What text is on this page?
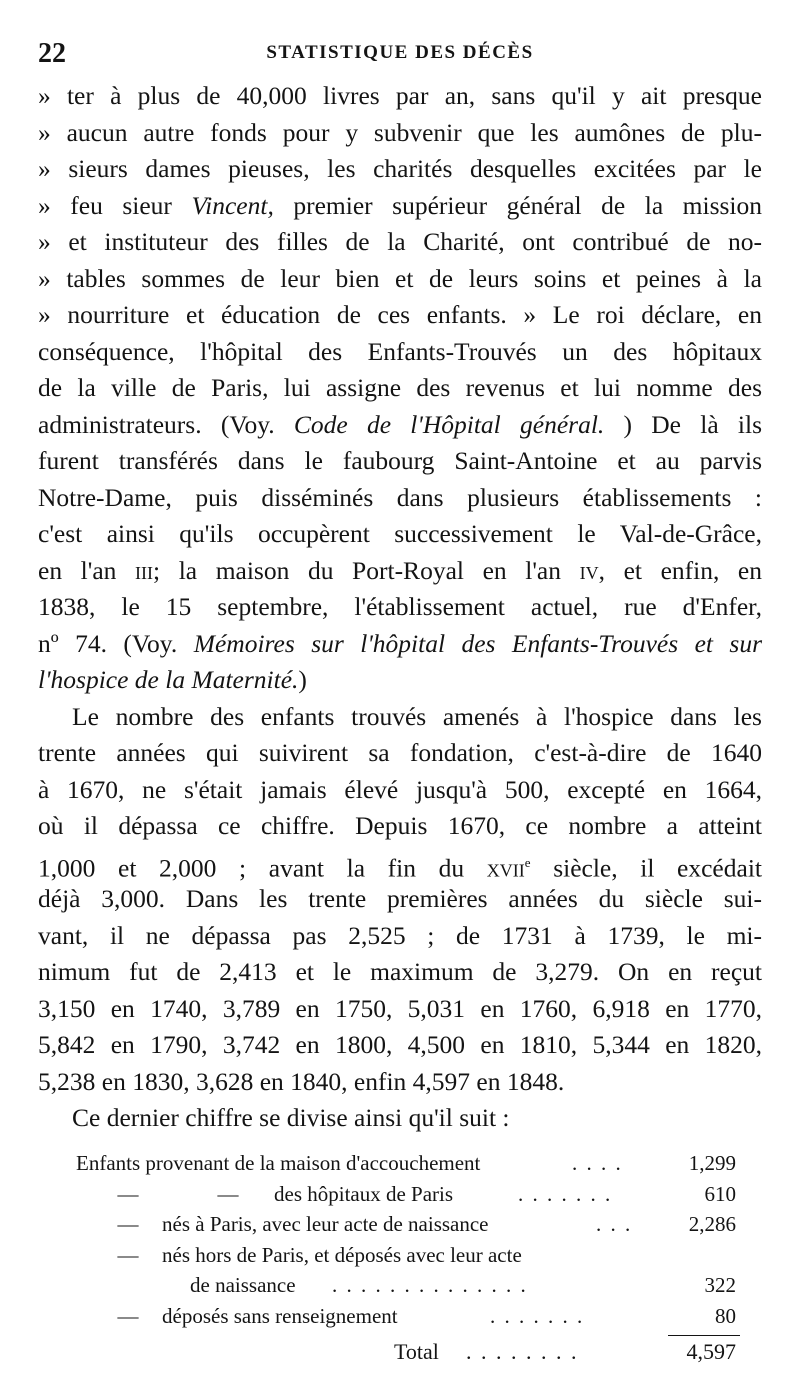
22	STATISTIQUE DES DÉCÈS
» ter à plus de 40,000 livres par an, sans qu'il y ait presque
» aucun autre fonds pour y subvenir que les aumônes de plu-
» sieurs dames pieuses, les charités desquelles excitées par le
» feu sieur Vincent, premier supérieur général de la mission
» et instituteur des filles de la Charité, ont contribué de no-
» tables sommes de leur bien et de leurs soins et peines à la
» nourriture et éducation de ces enfants. » Le roi déclare, en
conséquence, l'hôpital des Enfants-Trouvés un des hôpitaux
de la ville de Paris, lui assigne des revenus et lui nomme des
administrateurs. (Voy. Code de l'Hôpital général. ) De là ils
furent transférés dans le faubourg Saint-Antoine et au parvis
Notre-Dame, puis disséminés dans plusieurs établissements :
c'est ainsi qu'ils occupèrent successivement le Val-de-Grâce,
en l'an III; la maison du Port-Royal en l'an IV, et enfin, en
1838, le 15 septembre, l'établissement actuel, rue d'Enfer,
nº 74. (Voy. Mémoires sur l'hôpital des Enfants-Trouvés et sur
l'hospice de la Maternité.)
Le nombre des enfants trouvés amenés à l'hospice dans les
trente années qui suivirent sa fondation, c'est-à-dire de 1640
à 1670, ne s'était jamais élevé jusqu'à 500, excepté en 1664,
où il dépassa ce chiffre. Depuis 1670, ce nombre a atteint
1,000 et 2,000 ; avant la fin du XVIIe siècle, il excédait
déjà 3,000. Dans les trente premières années du siècle sui-
vant, il ne dépassa pas 2,525 ; de 1731 à 1739, le mi-
nimum fut de 2,413 et le maximum de 3,279. On en reçut
3,150 en 1740, 3,789 en 1750, 5,031 en 1760, 6,918 en 1770,
5,842 en 1790, 3,742 en 1800, 4,500 en 1810, 5,344 en 1820,
5,238 en 1830, 3,628 en 1840, enfin 4,597 en 1848.
Ce dernier chiffre se divise ainsi qu'il suit :
Enfants provenant de la maison d'accouchement	. . . .	1,299
—	—	des hôpitaux de Paris	. . . . . . .	610
—	nés à Paris, avec leur acte de naissance	. . .	2,286
—	nés hors de Paris, et déposés avec leur acte
de naissance . . . . . . . . . . . . . .	322
—	déposés sans renseignement	. . . . . . .	80
Total . . . . . . . .	4,597
